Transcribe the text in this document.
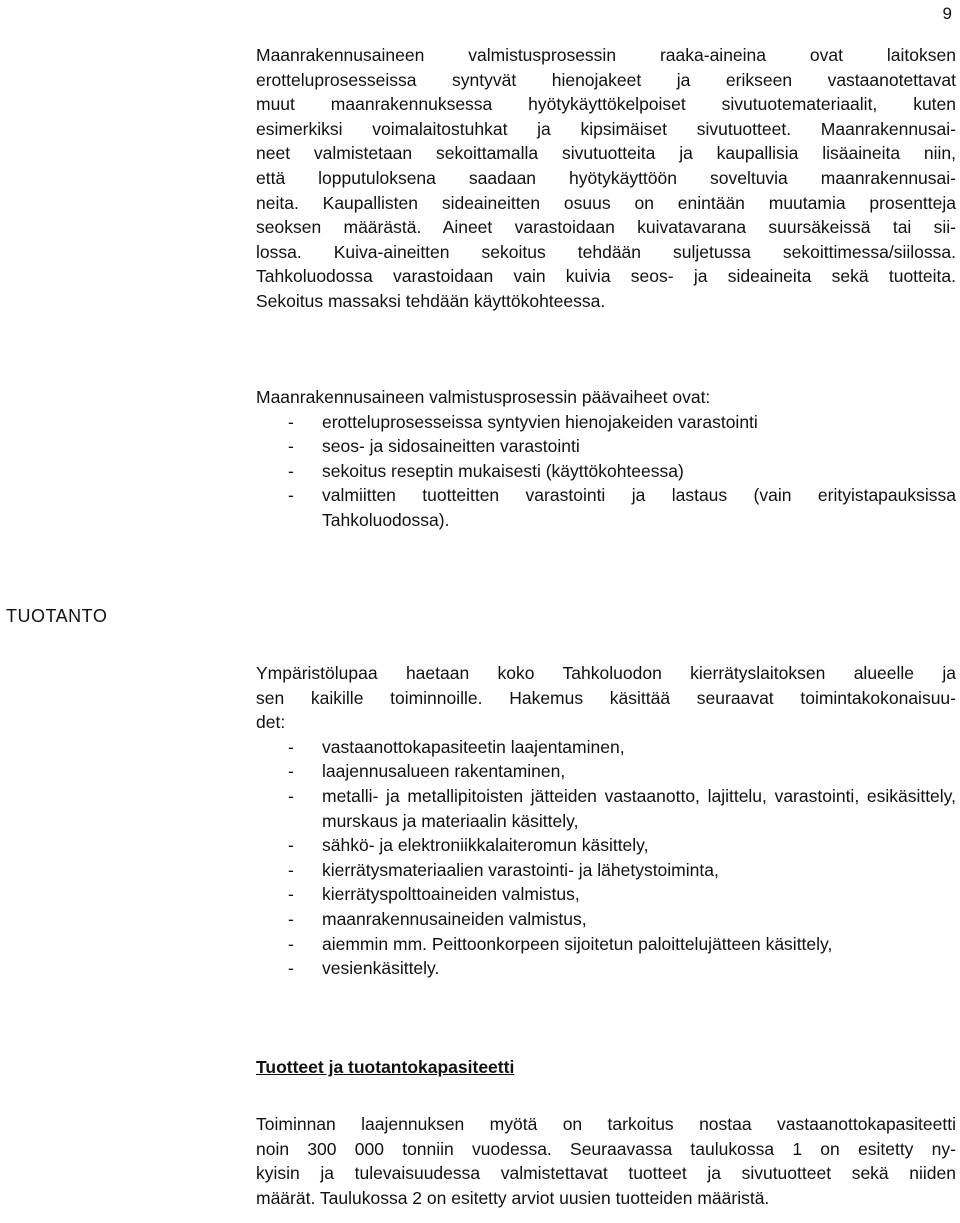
9
Maanrakennusaineen valmistusprosessin raaka-aineina ovat laitoksen
erotteluprosesseissa syntyvät hienojakeet ja erikseen vastaanotettavat
muut maanrakennuksessa hyötykäyttökelpoiset sivutuotemateriaalit, kuten
esimerkiksi voimalaitostuhkat ja kipsimäiset sivutuotteet. Maanrakennusai-
neet valmistetaan sekoittamalla sivutuotteita ja kaupallisia lisäaineita niin,
että lopputuloksena saadaan hyötykäyttöön soveltuvia maanrakennusai-
neita. Kaupallisten sideaineitten osuus on enintään muutamia prosentteja
seoksen määrästä. Aineet varastoidaan kuivatavarana suursäkeissä tai sii-
lossa. Kuiva-aineitten sekoitus tehdään suljetussa sekoittimessa/siilossa.
Tahkoluodossa varastoidaan vain kuivia seos- ja sideaineita sekä tuotteita.
Sekoitus massaksi tehdään käyttökohteessa.

Maanrakennusaineen valmistusprosessin päävaiheet ovat:

- erotteluprosesseissa syntyvien hienojakeiden varastointi
- seos- ja sidosaineitten varastointi
- sekoitus reseptin mukaisesti (käyttökohteessa)
- valmiitten tuotteitten varastointi ja lastaus (vain erityistapauksissa Tahkoluodossa).
TUOTANTO
Ympäristölupaa haetaan koko Tahkoluodon kierrätyslaitoksen alueelle ja
sen kaikille toiminnoille. Hakemus käsittää seuraavat toimintakokonaisuu-
det:
- vastaanottokapasiteetin laajentaminen,
- laajennusalueen rakentaminen,
- metalli- ja metallipitoisten jätteiden vastaanotto, lajittelu, varastointi, esikäsittely, murskaus ja materiaalin käsittely,
- sähkö- ja elektroniikkalaiteromun käsittely,
- kierrätysmateriaalien varastointi- ja lähetystoiminta,
- kierrätyspolttoaineiden valmistus,
- maanrakennusaineiden valmistus,
- aiemmin mm. Peittoonkorpeen sijoitetun paloittelujätteen käsittely,
- vesienkäsittely.
Tuotteet ja tuotantokapasiteetti
Toiminnan laajennuksen myötä on tarkoitus nostaa vastaanottokapasiteetti
noin 300 000 tonniin vuodessa. Seuraavassa taulukossa 1 on esitetty ny-
kyisin ja tulevaisuudessa valmistettavat tuotteet ja sivutuotteet sekä niiden
määrät. Taulukossa 2 on esitetty arviot uusien tuotteiden määristä.
